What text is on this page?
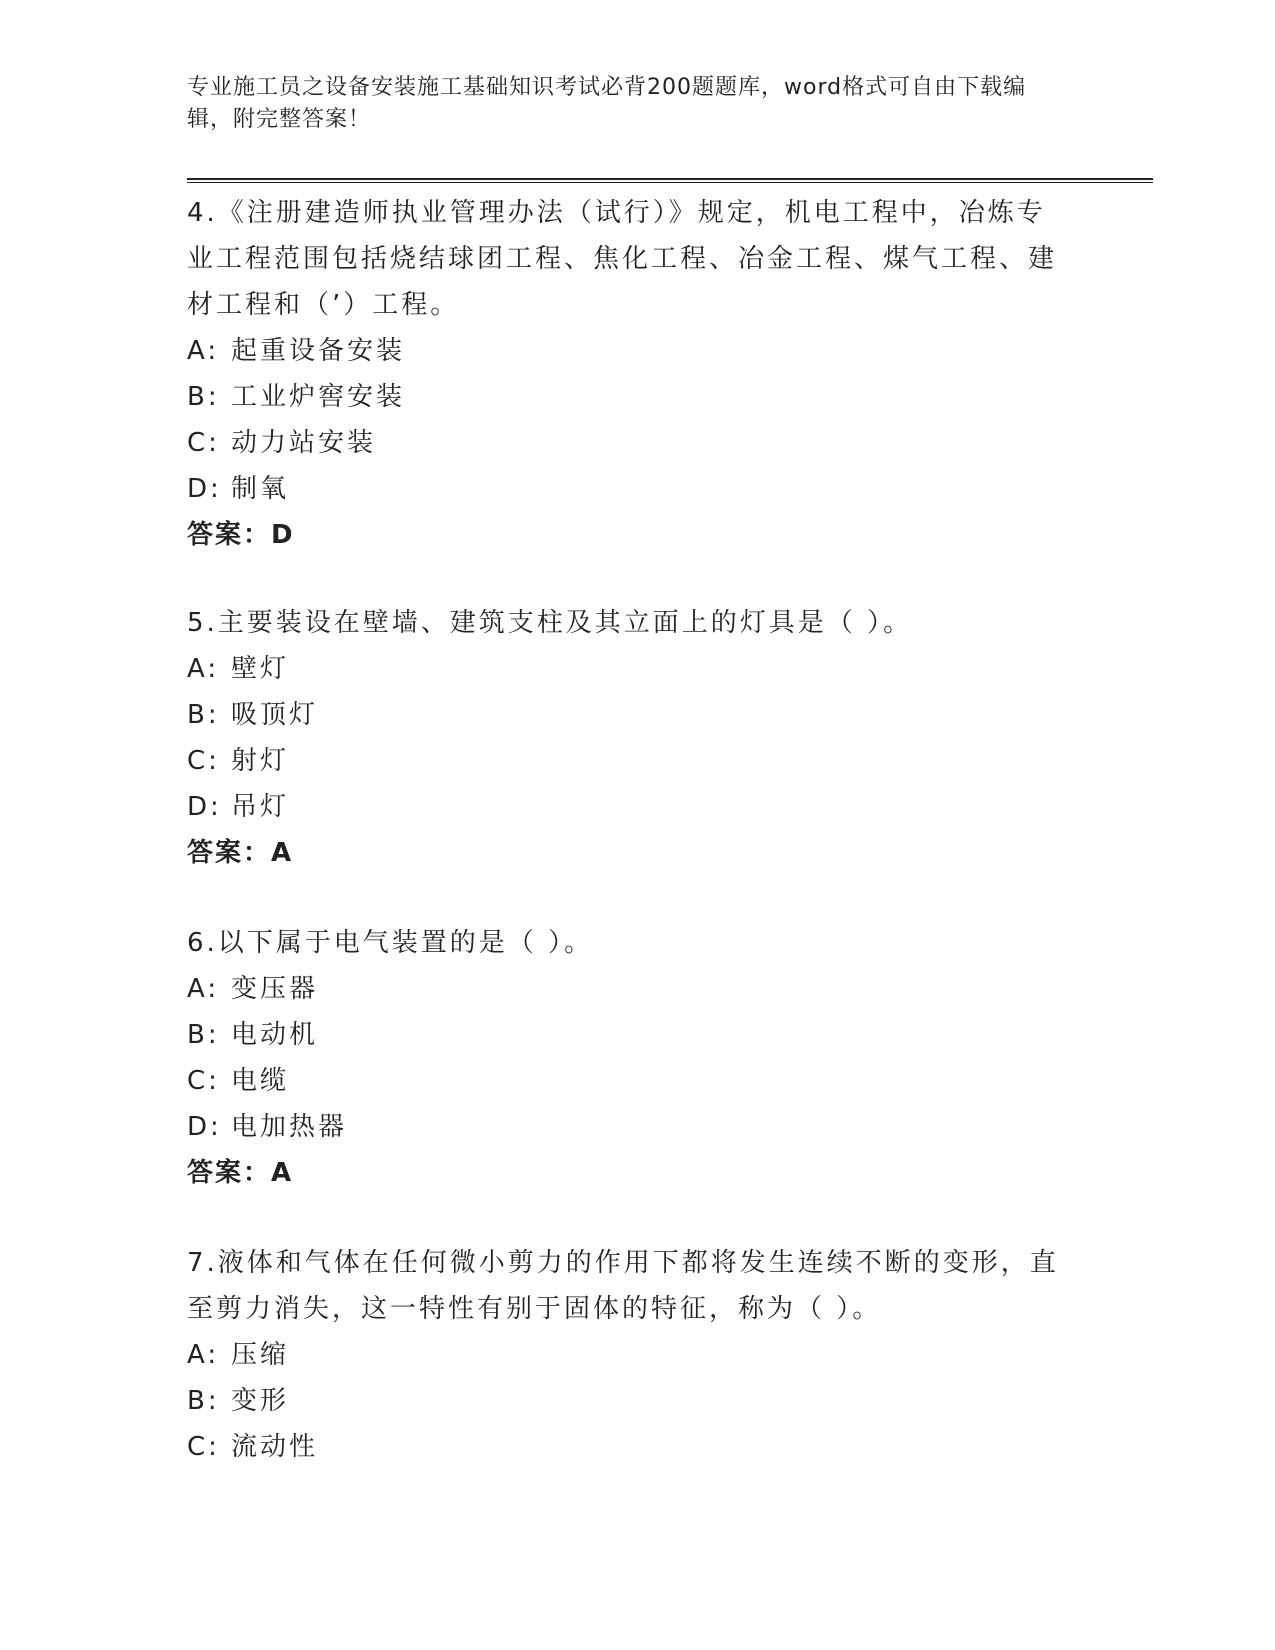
专业施工员之设备安装施工基础知识考试必背200题题库，word格式可自由下载编辑，附完整答案！

4.《注册建造师执业管理办法（试行）》规定，机电工程中，冶炼专业工程范围包括烧结球团工程、焦化工程、冶金工程、煤气工程、建材工程和（’）工程。

A: 起重设备安装

B: 工业炉窖安装

C: 动力站安装

D: 制氧

答案：D

5.主要装设在壁墙、建筑支柱及其立面上的灯具是（ ）。

A: 壁灯

B: 吸顶灯

C: 射灯

D: 吊灯

答案：A

6.以下属于电气装置的是（ ）。

A: 变压器

B: 电动机

C: 电缆

D: 电加热器

答案：A

7.液体和气体在任何微小剪力的作用下都将发生连续不断的变形，直至剪力消失，这一特性有别于固体的特征，称为（ ）。

A: 压缩

B: 变形

C: 流动性
